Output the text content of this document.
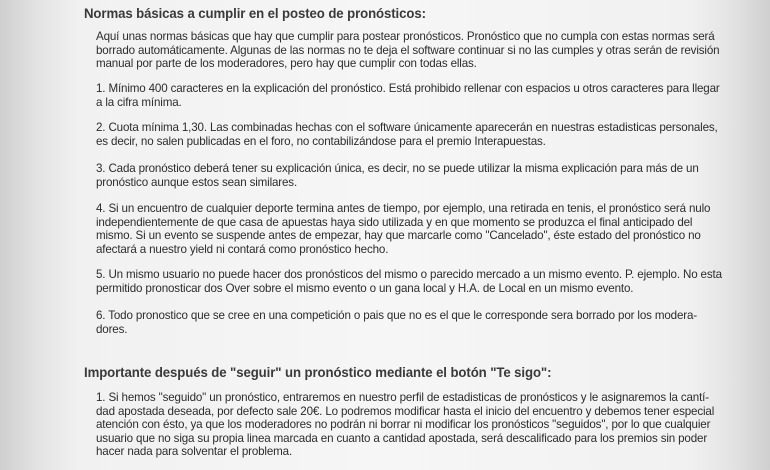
Normas básicas a cumplir en el posteo de pronósticos:

Aquí unas normas básicas que hay que cumplir para postear pronósticos. Pronóstico que no cumpla con estas normas será
borrado automáticamente. Algunas de las normas no te deja el software continuar si no las cumples y otras serán de revisión
manual por parte de los moderadores, pero hay que cumplir con todas ellas.

1. Mínimo 400 caracteres en la explicación del pronóstico. Está prohibido rellenar con espacios u otros caracteres para llegar
a la cifra mínima.

2. Cuota mínima 1,30. Las combinadas hechas con el software únicamente aparecerán en nuestras estadisticas personales,
es decir, no salen publicadas en el foro, no contabilizándose para el premio Interapuestas.

3. Cada pronóstico deberá tener su explicación única, es decir, no se puede utilizar la misma explicación para más de un
pronóstico aunque estos sean similares.

4. Si un encuentro de cualquier deporte termina antes de tiempo, por ejemplo, una retirada en tenis, el pronóstico será nulo
independientemente de que casa de apuestas haya sido utilizada y en que momento se produzca el final anticipado del
mismo. Si un evento se suspende antes de empezar, hay que marcarle como "Cancelado", éste estado del pronóstico no
afectará a nuestro yield ni contará como pronóstico hecho.

5. Un mismo usuario no puede hacer dos pronósticos del mismo o parecido mercado a un mismo evento. P. ejemplo. No esta
permitido pronosticar dos Over sobre el mismo evento o un gana local y H.A. de Local en un mismo evento.

6. Todo pronostico que se cree en una competición o pais que no es el que le corresponde sera borrado por los modera-
dores.

Importante después de "seguir" un pronóstico mediante el botón "Te sigo":

1. Si hemos "seguido" un pronóstico, entraremos en nuestro perfil de estadisticas de pronósticos y le asignaremos la cantí-
dad apostada deseada, por defecto sale 20€. Lo podremos modificar hasta el inicio del encuentro y debemos tener especial
atención con ésto, ya que los moderadores no podrán ni borrar ni modificar los pronósticos "seguidos", por lo que cualquier
usuario que no siga su propia linea marcada en cuanto a cantidad apostada, será descalificado para los premios sin poder
hacer nada para solventar el problema.
